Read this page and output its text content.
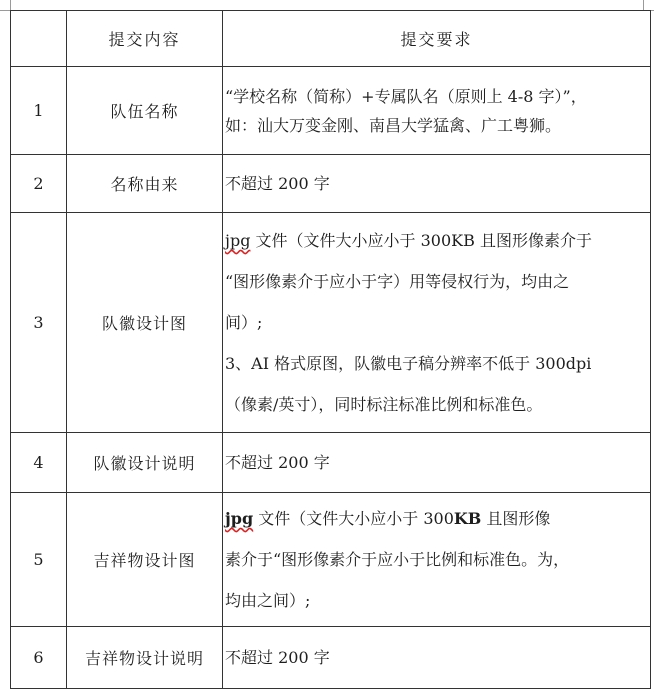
	提交内容	提交要求
1	队伍名称	“学校名称（简称）+专属队名（原则上 4-8 字）”，
如：汕大万变金刚、南昌大学猛禽、广工粤狮。

2	名称由来	不超过 200 字

3	队徽设计图	jpg 文件（文件大小应小于 300KB 且图形像素介于
“图形像素介于应小于字）用等侵权行为，均由之
间）;
3、AI 格式原图，队徽电子稿分辨率不低于 300dpi
（像素/英寸），同时标注标准比例和标准色。

4	队徽设计说明	不超过 200 字

5	吉祥物设计图	jpg 文件（文件大小应小于 300KB 且图形像
素介于“图形像素介于应小于比例和标准色。为，
均由之间）;

6	吉祥物设计说明	不超过 200 字
